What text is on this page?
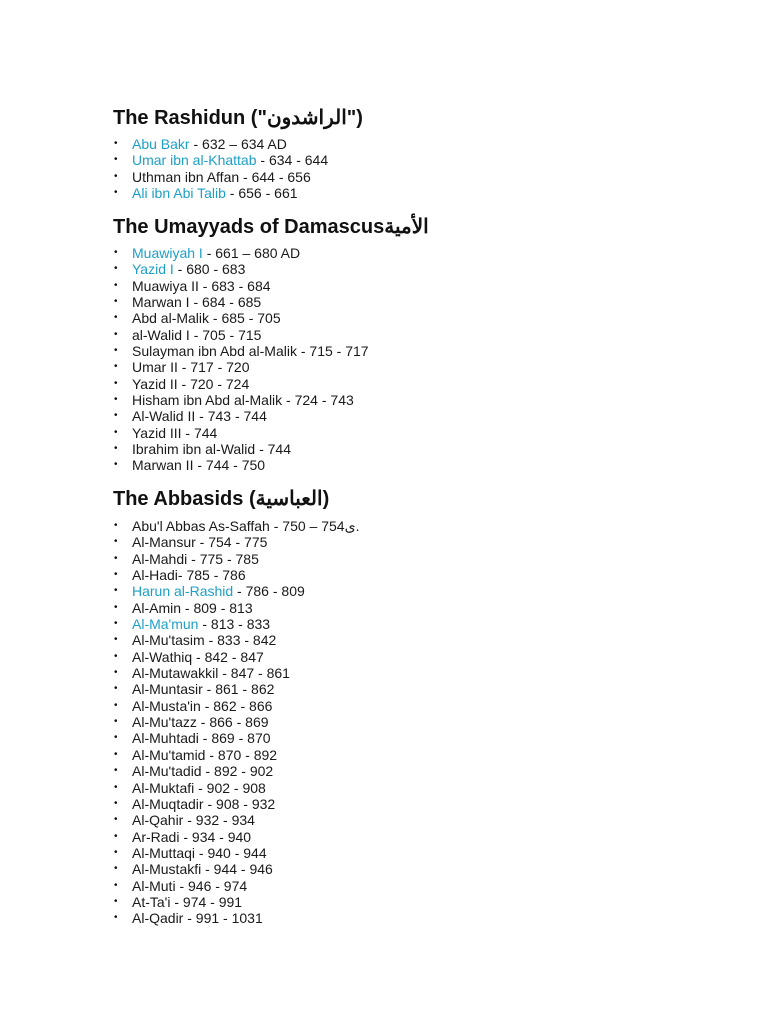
The Rashidun ("الراشدون")
• Abu Bakr - 632 – 634 AD
• Umar ibn al-Khattab - 634 - 644
• Uthman ibn Affan - 644 - 656
• Ali ibn Abi Talib - 656 - 661
The Umayyads of Damascusالأمية
• Muawiyah I - 661 – 680 AD
• Yazid I - 680 - 683
• Muawiya II - 683 - 684
• Marwan I - 684 - 685
• Abd al-Malik - 685 - 705
• al-Walid I - 705 - 715
• Sulayman ibn Abd al-Malik - 715 - 717
• Umar II - 717 - 720
• Yazid II - 720 - 724
• Hisham ibn Abd al-Malik - 724 - 743
• Al-Walid II - 743 - 744
• Yazid III - 744
• Ibrahim ibn al-Walid - 744
• Marwan II - 744 - 750
The Abbasids (العباسية)
• Abu'l Abbas As-Saffah - 750 – 754ى.
• Al-Mansur - 754 - 775
• Al-Mahdi - 775 - 785
• Al-Hadi- 785 - 786
• Harun al-Rashid - 786 - 809
• Al-Amin - 809 - 813
• Al-Ma'mun - 813 - 833
• Al-Mu'tasim - 833 - 842
• Al-Wathiq - 842 - 847
• Al-Mutawakkil - 847 - 861
• Al-Muntasir - 861 - 862
• Al-Musta'in - 862 - 866
• Al-Mu'tazz - 866 - 869
• Al-Muhtadi - 869 - 870
• Al-Mu'tamid - 870 - 892
• Al-Mu'tadid - 892 - 902
• Al-Muktafi - 902 - 908
• Al-Muqtadir - 908 - 932
• Al-Qahir - 932 - 934
• Ar-Radi - 934 - 940
• Al-Muttaqi - 940 - 944
• Al-Mustakfi - 944 - 946
• Al-Muti - 946 - 974
• At-Ta'i - 974 - 991
• Al-Qadir - 991 - 1031
